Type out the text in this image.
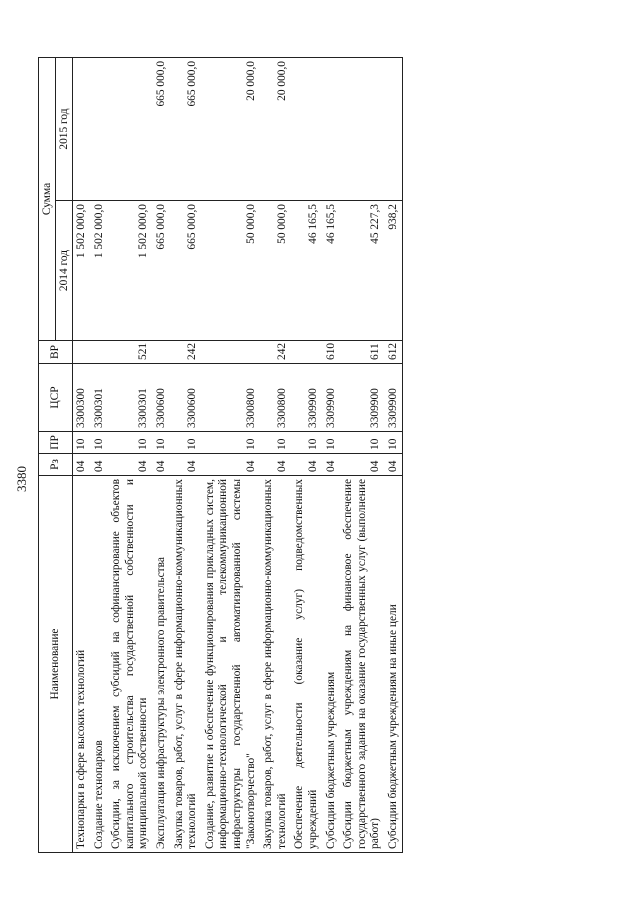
3380
Наименование	Рз	ПР	ЦСР	ВР	Сумма	
					2014 год	2015 год
Технопарки в сфере высоких технологий	04	10	3300300		1 502 000,0	
Создание технопарков	04	10	3300301		1 502 000,0	
Субсидии, за исключением субсидий на софинансирование объектов капитального строительства государственной собственности и муниципальной собственности	04	10	3300301	521	1 502 000,0	
Эксплуатация инфраструктуры электронного правительства	04	10	3300600		665 000,0	665 000,0
Закупка товаров, работ, услуг в сфере информационно-коммуникационных технологий	04	10	3300600	242	665 000,0	665 000,0
Создание, развитие и обеспечение функционирования прикладных систем, информационно-технологической и телекоммуникационной инфраструктуры государственной автоматизированной системы "Законотворчество"	04	10	3300800		50 000,0	20 000,0
Закупка товаров, работ, услуг в сфере информационно-коммуникационных технологий	04	10	3300800	242	50 000,0	20 000,0
Обеспечение деятельности (оказание услуг) подведомственных учреждений	04	10	3309900		46 165,5	
Субсидии бюджетным учреждениям	04	10	3309900	610	46 165,5	
Субсидии бюджетным учреждениям на финансовое обеспечение государственного задания на оказание государственных услуг (выполнение работ)	04	10	3309900	611	45 227,3	
Субсидии бюджетным учреждениям на иные цели	04	10	3309900	612	938,2	
